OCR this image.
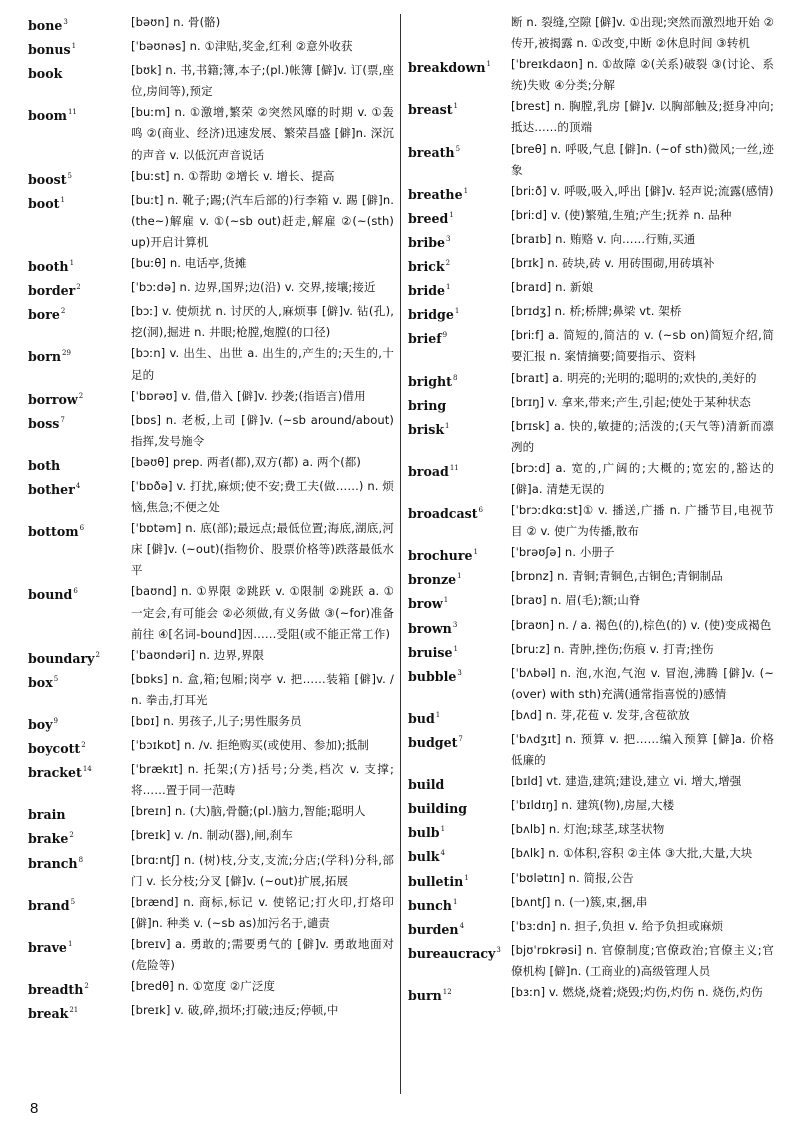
bone$^3$	[bəʊn] n. 骨(骼)
bonus$^1$	[ˈbəʊnəs] n. ①津贴,奖金,红利 ②意外收获
book	[bʊk] n. 书,书籍;簿,本子;(pl.)帐簿 [僻]v. 订(票,座位,房间等),预定
boom$^{11}$	[buːm] n. ①激增,繁荣 ②突然风靡的时期 v. ①轰鸣 ②(商业、经济)迅速发展、繁荣昌盛 [僻]n. 深沉的声音 v. 以低沉声音说话
boost$^5$	[buːst] n. ①帮助 ②增长 v. 增长、提高
boot$^1$	[buːt] n. 靴子;踢;(汽车后部的)行李箱 v. 踢 [僻]n. (the~)解雇 v. ①(~sb out)赶走,解雇 ②(~(sth) up)开启计算机
booth$^1$	[buːθ] n. 电话亭,货摊
border$^2$	[ˈbɔːdə] n. 边界,国界;边(沿) v. 交界,接壤;接近
bore$^2$	[bɔː] v. 使烦扰 n. 讨厌的人,麻烦事 [僻]v. 钻(孔),挖(洞),掘进 n. 井眼;枪膛,炮膛(的口径)
born$^{29}$	[bɔːn] v. 出生、出世 a. 出生的,产生的;天生的,十足的
borrow$^2$	[ˈbɒrəʊ] v. 借,借入 [僻]v. 抄袭;(指语言)借用
boss$^7$	[bɒs] n. 老板,上司 [僻]v. (~sb around/about)指挥,发号施令
both	[bəʊθ] prep. 两者(都),双方(都) a. 两个(都)
bother$^4$	[ˈbɒðə] v. 打扰,麻烦;使不安;费工夫(做……) n. 烦恼,焦急;不便之处
bottom$^6$	[ˈbɒtəm] n. 底(部);最远点;最低位置;海底,湖底,河床 [僻]v. (~out)(指物价、股票价格等)跌落最低水平
bound$^6$	[baʊnd] n. ①界限 ②跳跃 v. ①限制 ②跳跃 a. ①一定会,有可能会 ②必须做,有义务做 ③(~for)准备前往 ④[名词-bound]因……受阻(或不能正常工作)
boundary$^2$	[ˈbaʊndəri] n. 边界,界限
box$^5$	[bɒks] n. 盒,箱;包厢;岗亭 v. 把……装箱 [僻]v. / n. 拳击,打耳光
boy$^9$	[bɒɪ] n. 男孩子,儿子;男性服务员
boycott$^2$	[ˈbɔɪkɒt] n. /v. 拒绝购买(或使用、参加);抵制
bracket$^{14}$	[ˈbrækɪt] n. 托架;(方)括号;分类,档次 v. 支撑;将……置于同一范畴
brain	[breɪn] n. (大)脑,骨髓;(pl.)脑力,智能;聪明人
brake$^2$	[breɪk] v. /n. 制动(器),闸,刹车
branch$^8$	[brɑːntʃ] n. (树)枝,分支,支流;分店;(学科)分科,部门 v. 长分枝;分叉 [僻]v. (~out)扩展,拓展
brand$^5$	[brænd] n. 商标,标记 v. 使铭记;打火印,打烙印 [僻]n. 种类 v. (~sb as)加污名于,谴责
brave$^1$	[breɪv] a. 勇敢的;需要勇气的 [僻]v. 勇敢地面对(危险等)
breadth$^2$	[bredθ] n. ①宽度 ②广泛度
break$^{21}$	[breɪk] v. 破,碎,损坏;打破;违反;停顿,中
断 n. 裂缝,空隙 [僻]v. ①出现;突然而激烈地开始 ②传开,被揭露 n. ①改变,中断 ②休息时间 ③转机
breakdown$^1$	[ˈbreɪkdaʊn] n. ①故障 ②(关系)破裂 ③(讨论、系统)失败 ④分类;分解
breast$^1$	[brest] n. 胸膛,乳房 [僻]v. 以胸部触及;挺身冲向;抵达……的顶端
breath$^5$	[breθ] n. 呼吸,气息 [僻]n. (~of sth)微风;一丝,迹象
breathe$^1$	[briːð] v. 呼吸,吸入,呼出 [僻]v. 轻声说;流露(感情)
breed$^1$	[briːd] v. (使)繁殖,生殖;产生;抚养 n. 品种
bribe$^3$	[braɪb] n. 贿赂 v. 向……行贿,买通
brick$^2$	[brɪk] n. 砖块,砖 v. 用砖围砌,用砖填补
bride$^1$	[braɪd] n. 新娘
bridge$^1$	[brɪdʒ] n. 桥;桥牌;鼻梁 vt. 架桥
brief$^9$	[briːf] a. 简短的,简洁的 v. (~sb on)简短介绍,简要汇报 n. 案情摘要;简要指示、资料
bright$^8$	[braɪt] a. 明亮的;光明的;聪明的;欢快的,美好的
bring	[brɪŋ] v. 拿来,带来;产生,引起;使处于某种状态
brisk$^1$	[brɪsk] a. 快的,敏捷的;活泼的;(天气等)清新而凛冽的
broad$^{11}$	[brɔːd] a. 宽的,广阔的;大概的;宽宏的,豁达的 [僻]a. 清楚无误的
broadcast$^6$	[ˈbrɔːdkɑːst]① v. 播送,广播 n. 广播节目,电视节目 ② v. 使广为传播,散布
brochure$^1$	[ˈbrəʊʃə] n. 小册子
bronze$^1$	[brɒnz] n. 青铜;青铜色,古铜色;青铜制品
brow$^1$	[braʊ] n. 眉(毛);额;山脊
brown$^3$	[braʊn] n. / a. 褐色(的),棕色(的) v. (使)变成褐色
bruise$^1$	[bruːz] n. 青肿,挫伤;伤痕 v. 打青;挫伤
bubble$^3$	[ˈbʌbəl] n. 泡,水泡,气泡 v. 冒泡,沸腾 [僻]v. (~(over) with sth)充满(通常指喜悦的)感情
bud$^1$	[bʌd] n. 芽,花苞 v. 发芽,含苞欲放
budget$^7$	[ˈbʌdʒɪt] n. 预算 v. 把……编入预算 [僻]a. 价格低廉的
build	[bɪld] vt. 建造,建筑;建设,建立 vi. 增大,增强
building	[ˈbɪldɪŋ] n. 建筑(物),房屋,大楼
bulb$^1$	[bʌlb] n. 灯泡;球茎,球茎状物
bulk$^4$	[bʌlk] n. ①体积,容积 ②主体 ③大批,大量,大块
bulletin$^1$	[ˈbʊlətɪn] n. 简报,公告
bunch$^1$	[bʌntʃ] n. (一)簇,束,捆,串
burden$^4$	[ˈbɜːdn] n. 担子,负担 v. 给予负担或麻烦
bureaucracy$^3$ [bjʊˈrɒkrəsi] n. 官僚制度;官僚政治;官僚主义;官僚机构 [僻]n. (工商业的)高级管理人员
burn$^{12}$	[bɜːn] v. 燃烧,烧着;烧毁;灼伤,灼伤 n. 烧伤,灼伤
8
